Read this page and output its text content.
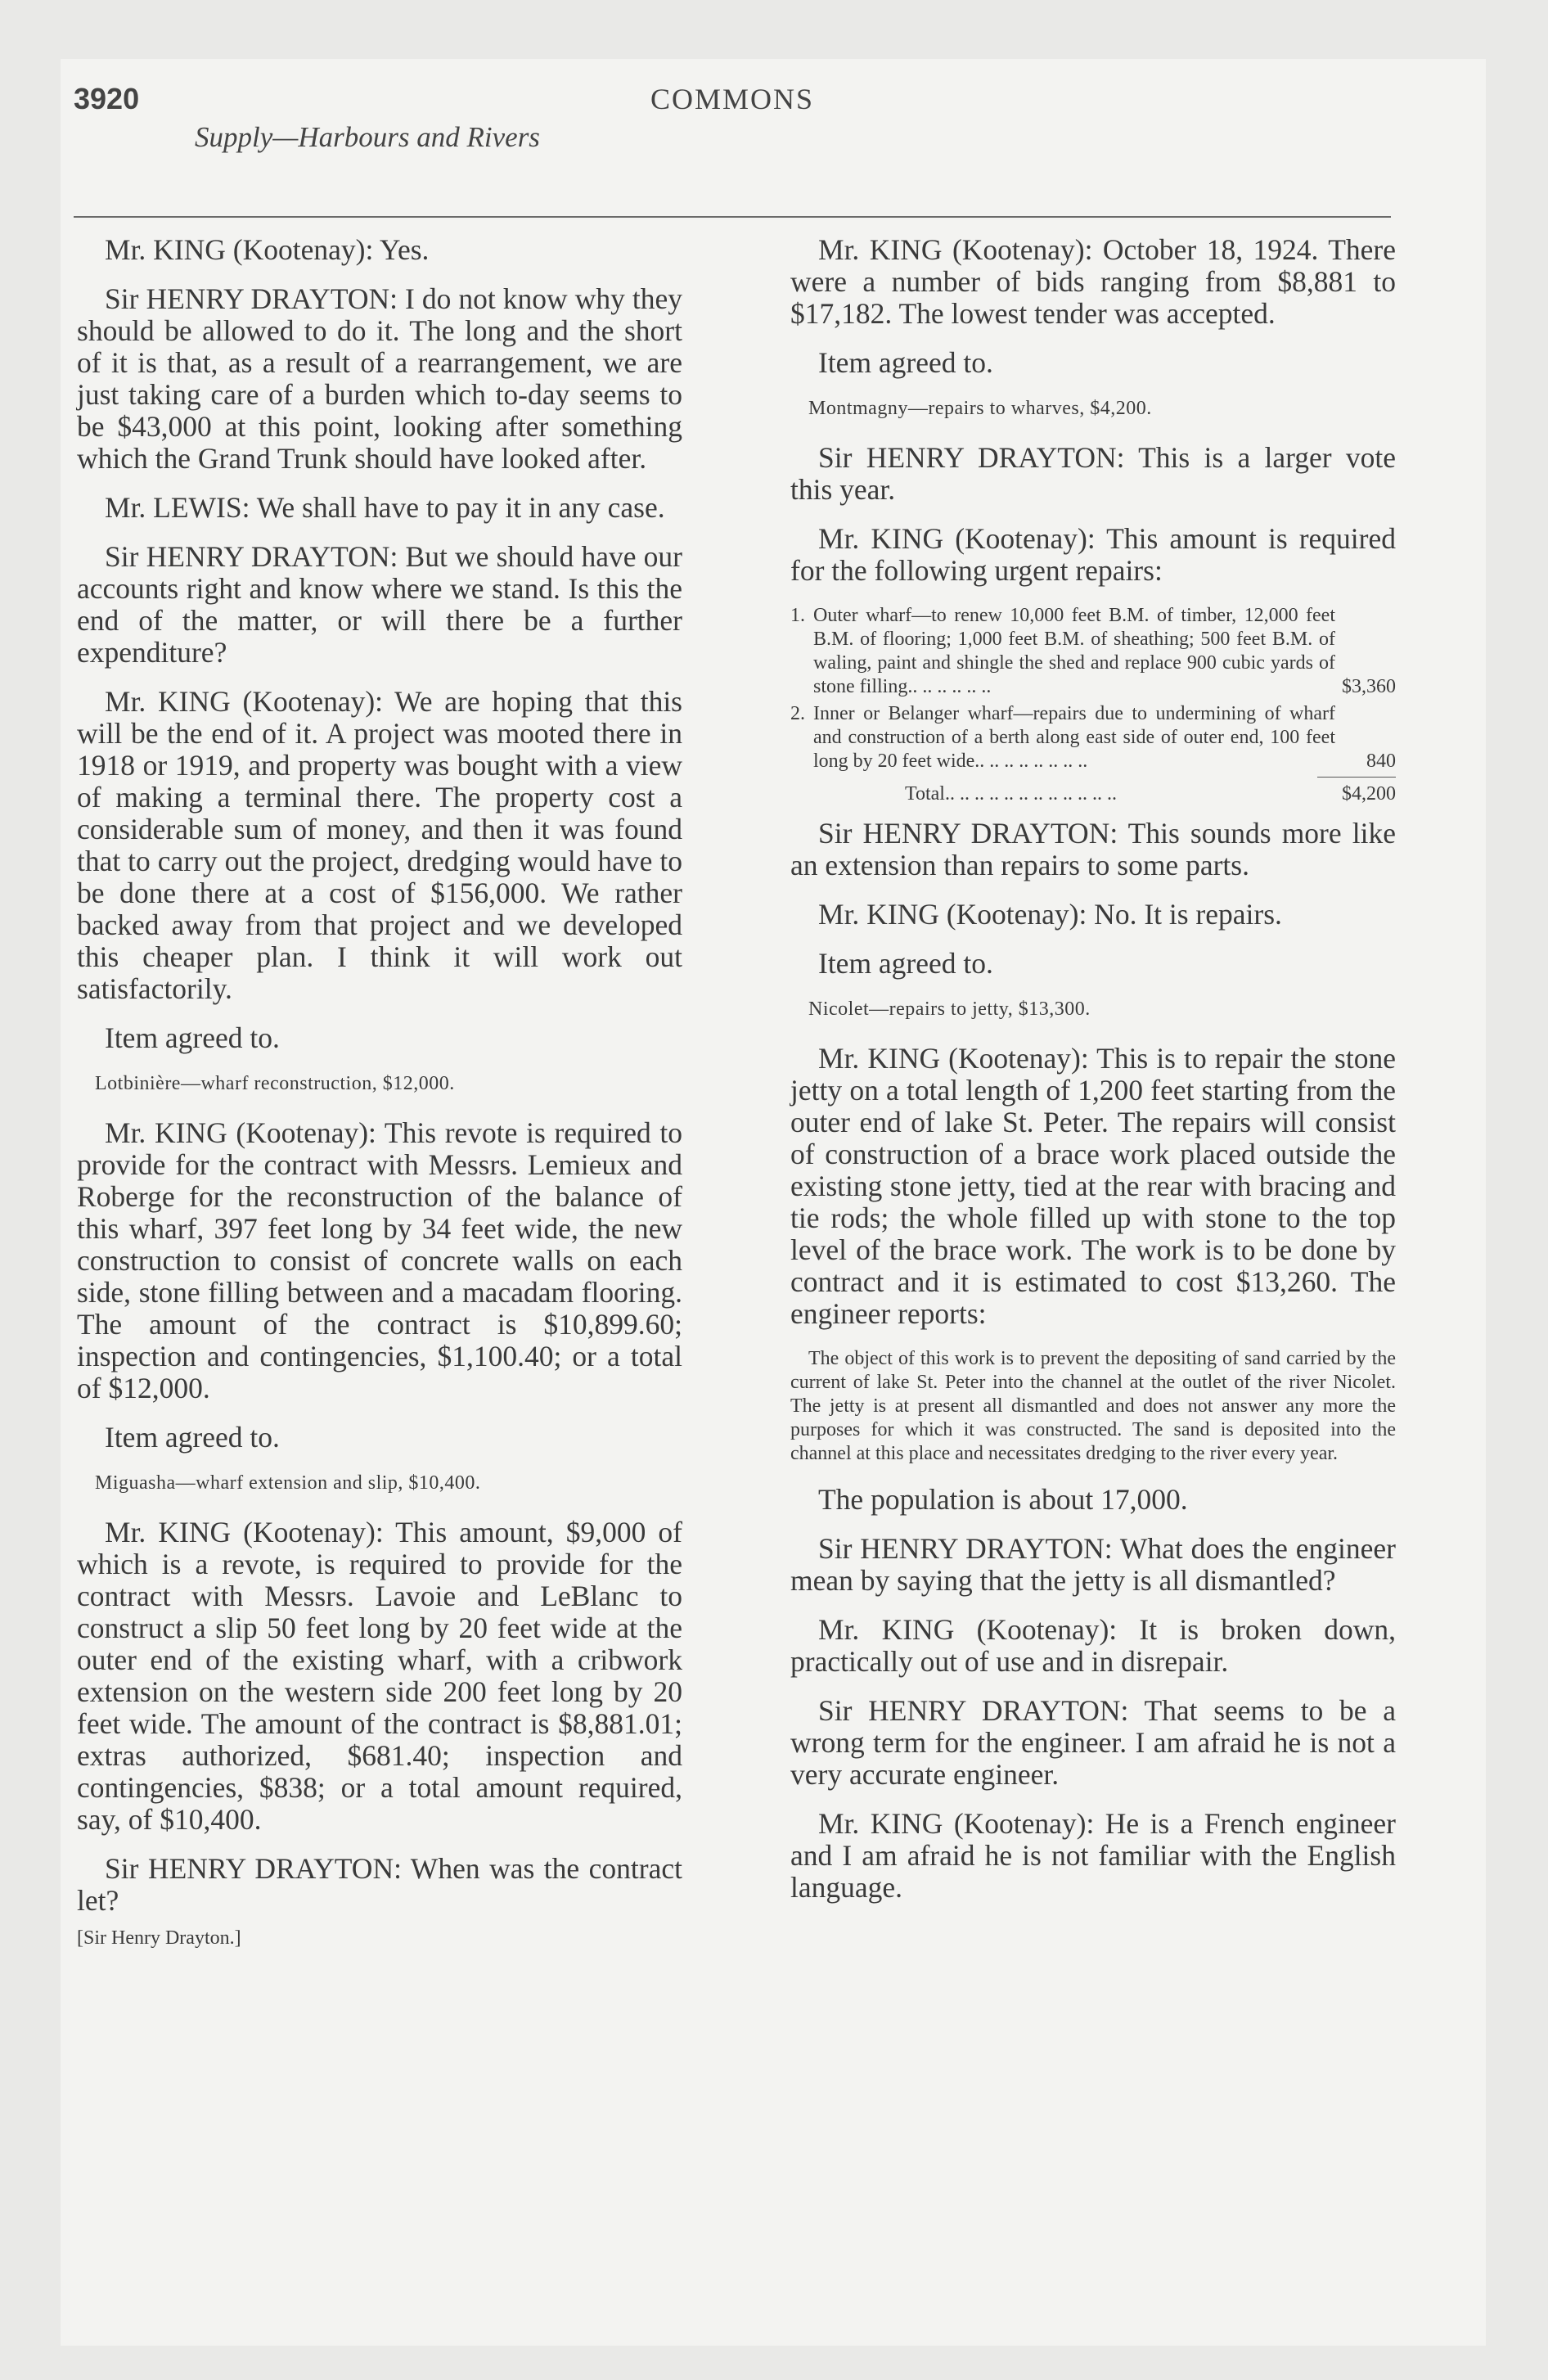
3920	COMMONS
Supply—Harbours and Rivers

Mr. KING (Kootenay): Yes.

Sir HENRY DRAYTON: I do not know why they should be allowed to do it. The long and the short of it is that, as a result of a rearrangement, we are just taking care of a burden which to-day seems to be $43,000 at this point, looking after something which the Grand Trunk should have looked after.

Mr. LEWIS: We shall have to pay it in any case.

Sir HENRY DRAYTON: But we should have our accounts right and know where we stand. Is this the end of the matter, or will there be a further expenditure?

Mr. KING (Kootenay): We are hoping that this will be the end of it. A project was mooted there in 1918 or 1919, and property was bought with a view of making a terminal there. The property cost a considerable sum of money, and then it was found that to carry out the project, dredging would have to be done there at a cost of $156,000. We rather backed away from that project and we developed this cheaper plan. I think it will work out satisfactorily.

Item agreed to.

Lotbinière—wharf reconstruction, $12,000.

Mr. KING (Kootenay): This revote is required to provide for the contract with Messrs. Lemieux and Roberge for the reconstruction of the balance of this wharf, 397 feet long by 34 feet wide, the new construction to consist of concrete walls on each side, stone filling between and a macadam flooring. The amount of the contract is $10,899.60; inspection and contingencies, $1,100.40; or a total of $12,000.

Item agreed to.

Miguasha—wharf extension and slip, $10,400.

Mr. KING (Kootenay): This amount, $9,000 of which is a revote, is required to provide for the contract with Messrs. Lavoie and LeBlanc to construct a slip 50 feet long by 20 feet wide at the outer end of the existing wharf, with a cribwork extension on the western side 200 feet long by 20 feet wide. The amount of the contract is $8,881.01; extras authorized, $681.40; inspection and contingencies, $838; or a total amount required, say, of $10,400.

Sir HENRY DRAYTON: When was the contract let?

[Sir Henry Drayton.]

Mr. KING (Kootenay): October 18, 1924. There were a number of bids ranging from $8,881 to $17,182. The lowest tender was accepted.

Item agreed to.

Montmagny—repairs to wharves, $4,200.

Sir HENRY DRAYTON: This is a larger vote this year.

Mr. KING (Kootenay): This amount is required for the following urgent repairs:

1. Outer wharf—to renew 10,000 feet B.M. of timber, 12,000 feet B.M. of flooring; 1,000 feet B.M. of sheathing; 500 feet B.M. of waling, paint and shingle the shed and replace 900 cubic yards of stone filling.. .. .. .. .. ..	$3,360
2. Inner or Belanger wharf—repairs due to undermining of wharf and construction of a berth along east side of outer end, 100 feet long by 20 feet wide.. .. .. .. .. .. .. ..	840
Total.. .. .. .. .. .. .. .. .. .. .. ..	$4,200

Sir HENRY DRAYTON: This sounds more like an extension than repairs to some parts.

Mr. KING (Kootenay): No. It is repairs.

Item agreed to.

Nicolet—repairs to jetty, $13,300.

Mr. KING (Kootenay): This is to repair the stone jetty on a total length of 1,200 feet starting from the outer end of lake St. Peter. The repairs will consist of construction of a brace work placed outside the existing stone jetty, tied at the rear with bracing and tie rods; the whole filled up with stone to the top level of the brace work. The work is to be done by contract and it is estimated to cost $13,260. The engineer reports:

The object of this work is to prevent the depositing of sand carried by the current of lake St. Peter into the channel at the outlet of the river Nicolet. The jetty is at present all dismantled and does not answer any more the purposes for which it was constructed. The sand is deposited into the channel at this place and necessitates dredging to the river every year.

The population is about 17,000.

Sir HENRY DRAYTON: What does the engineer mean by saying that the jetty is all dismantled?

Mr. KING (Kootenay): It is broken down, practically out of use and in disrepair.

Sir HENRY DRAYTON: That seems to be a wrong term for the engineer. I am afraid he is not a very accurate engineer.

Mr. KING (Kootenay): He is a French engineer and I am afraid he is not familiar with the English language.
